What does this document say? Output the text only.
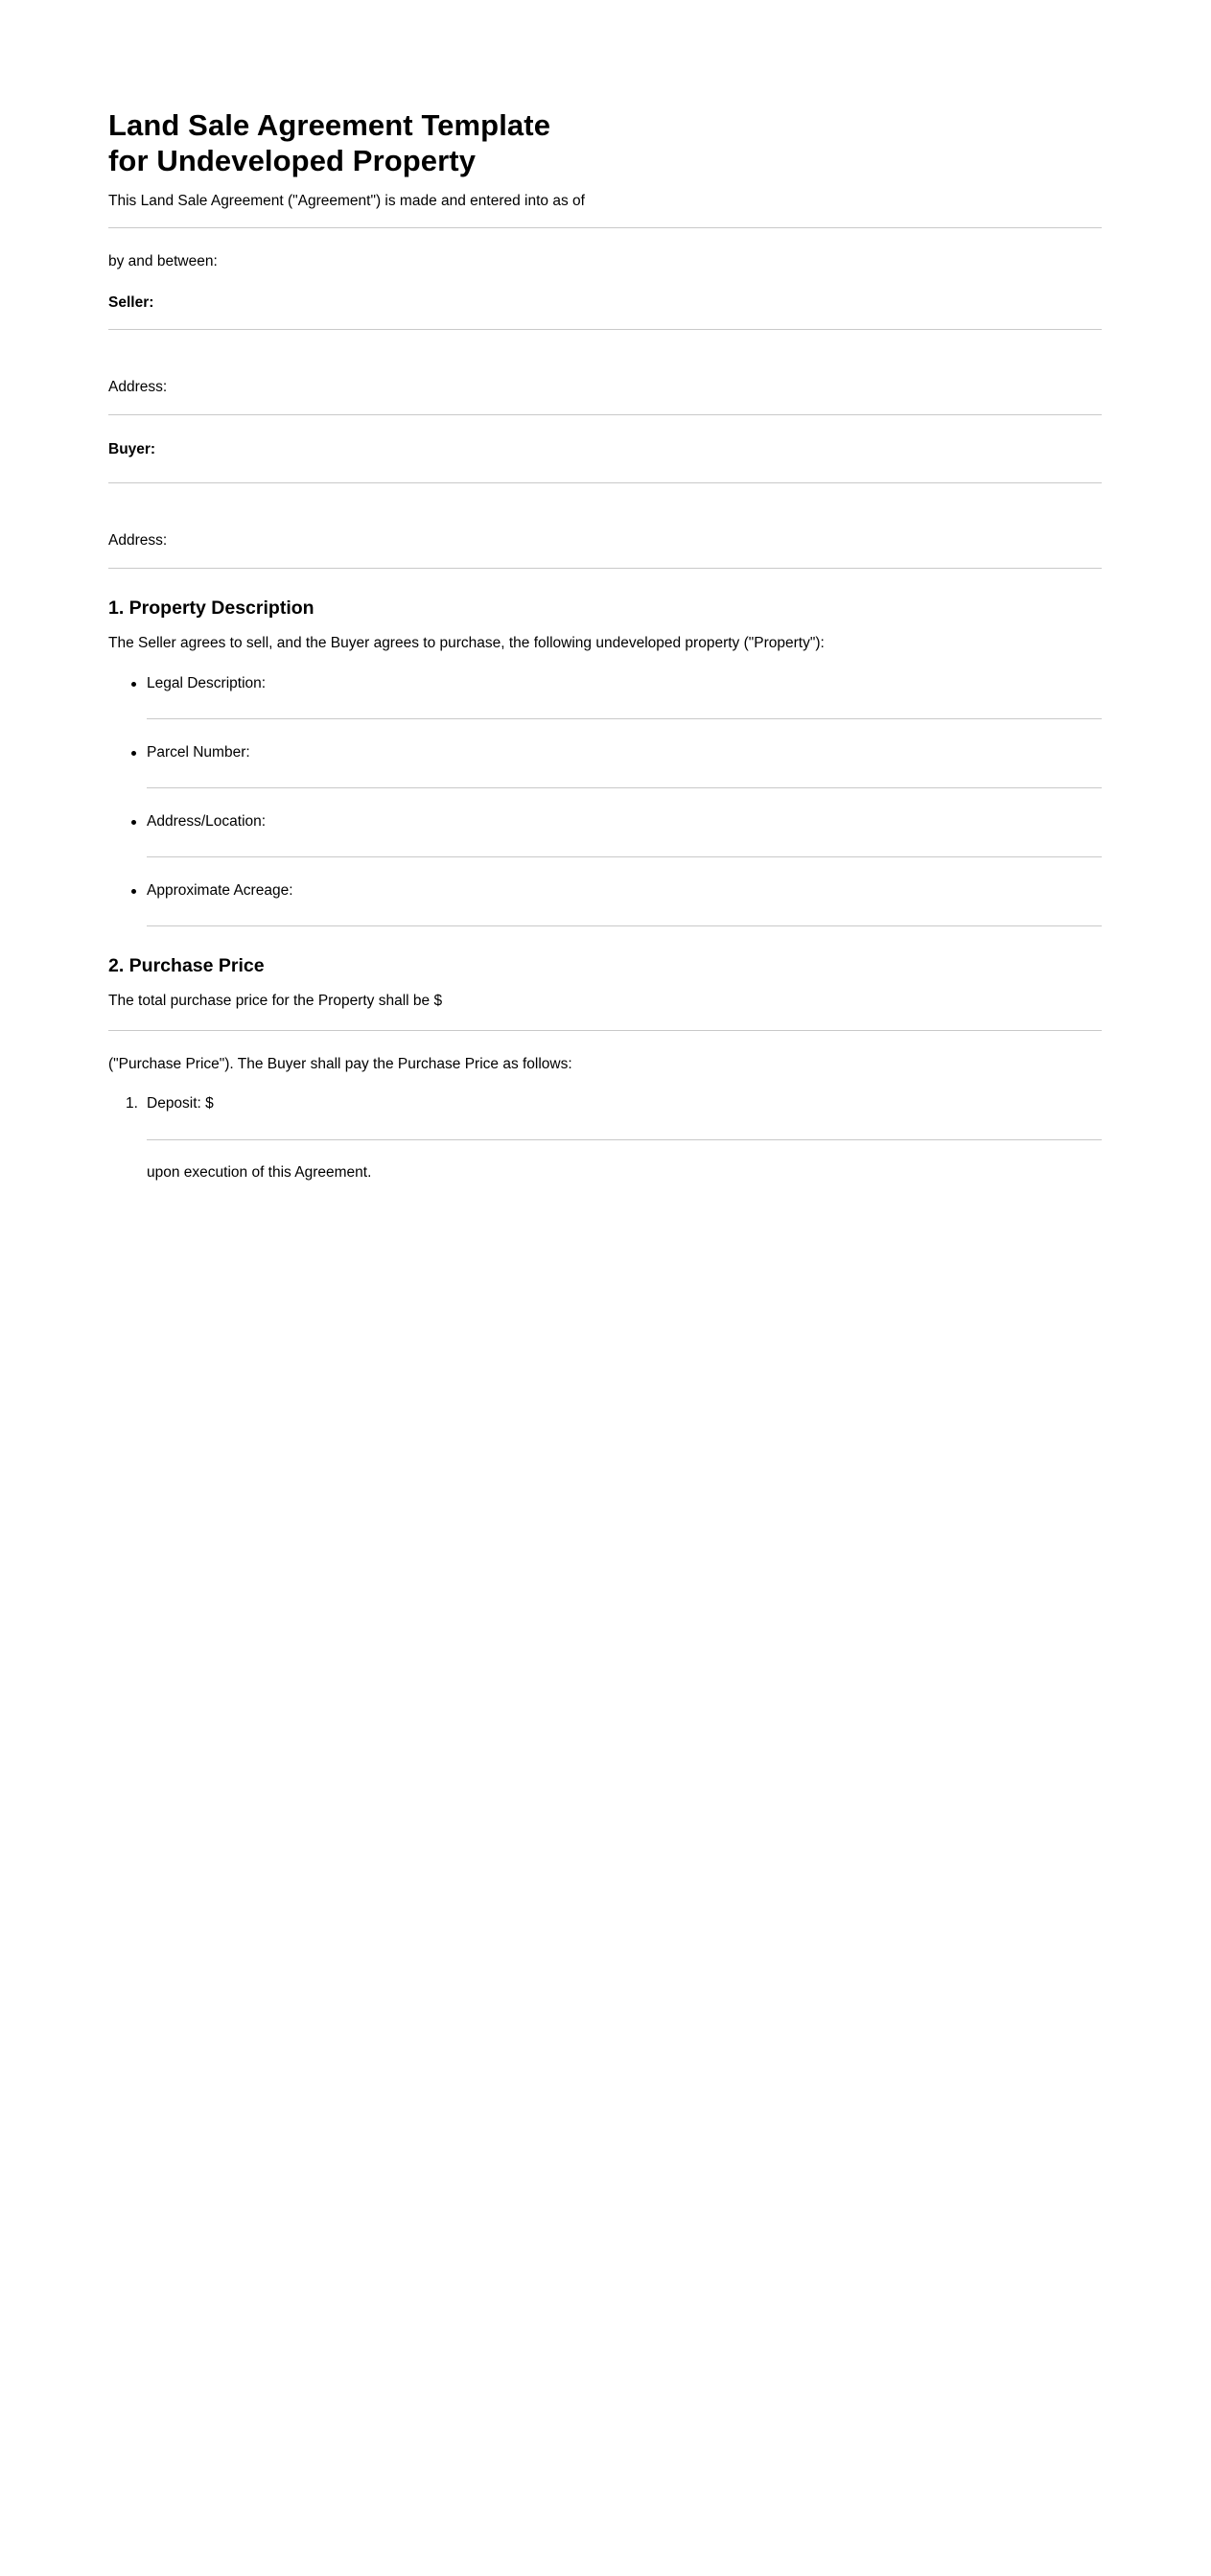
Land Sale Agreement Template
for Undeveloped Property

This Land Sale Agreement ("Agreement") is made and entered into as of

by and between:

Seller:

Address:

Buyer:

Address:

1. Property Description

The Seller agrees to sell, and the Buyer agrees to purchase, the following undeveloped property ("Property"):

Legal Description:
Parcel Number:
Address/Location:
Approximate Acreage:
2. Purchase Price

The total purchase price for the Property shall be $

("Purchase Price"). The Buyer shall pay the Purchase Price as follows:

1. Deposit: $

upon execution of this Agreement.
